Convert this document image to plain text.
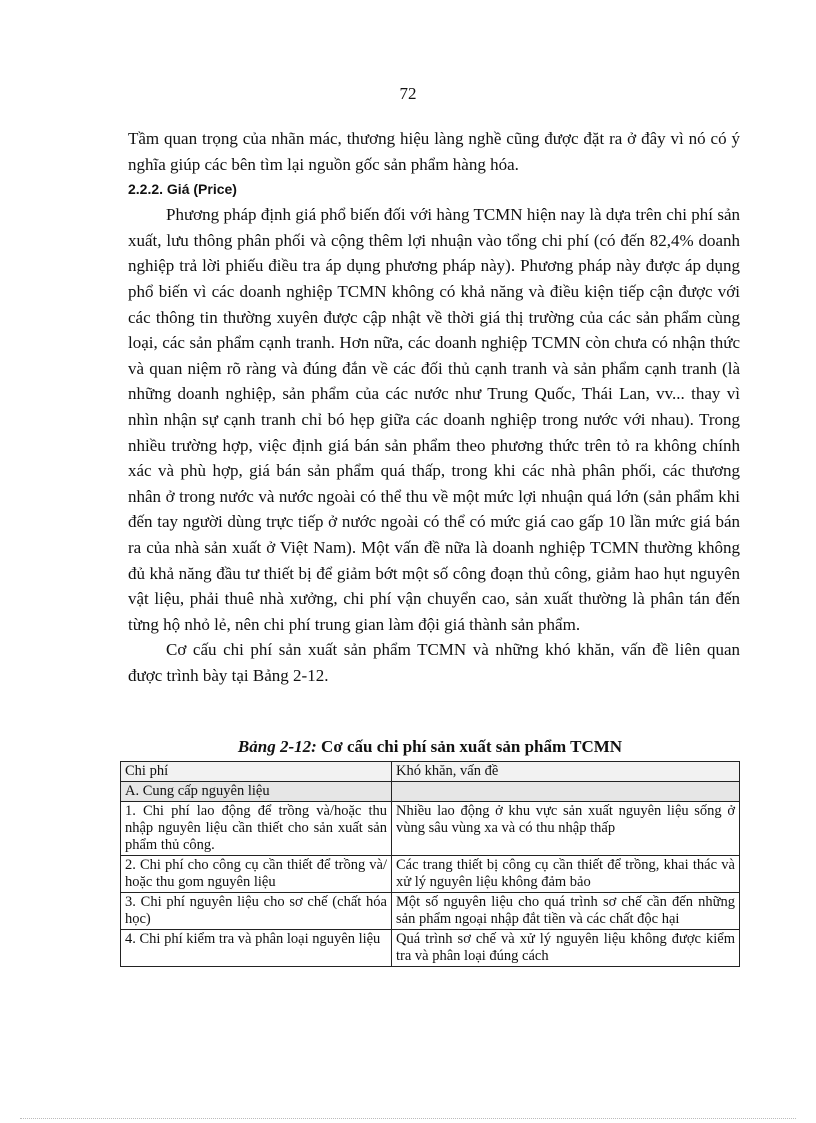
72

Tầm quan trọng của nhãn mác, thương hiệu làng nghề cũng được đặt ra ở đây vì nó có ý nghĩa giúp các bên tìm lại nguồn gốc sản phẩm hàng hóa.

2.2.2. Giá (Price)

Phương pháp định giá phổ biến đối với hàng TCMN hiện nay là dựa trên chi phí sản xuất, lưu thông phân phối và cộng thêm lợi nhuận vào tổng chi phí (có đến 82,4% doanh nghiệp trả lời phiếu điều tra áp dụng phương pháp này). Phương pháp này được áp dụng phổ biến vì các doanh nghiệp TCMN không có khả năng và điều kiện tiếp cận được với các thông tin thường xuyên được cập nhật về thời giá thị trường của các sản phẩm cùng loại, các sản phẩm cạnh tranh. Hơn nữa, các doanh nghiệp TCMN còn chưa có nhận thức và quan niệm rõ ràng và đúng đắn về các đối thủ cạnh tranh và sản phẩm cạnh tranh (là những doanh nghiệp, sản phẩm của các nước như Trung Quốc, Thái Lan, vv... thay vì nhìn nhận sự cạnh tranh chỉ bó hẹp giữa các doanh nghiệp trong nước với nhau). Trong nhiều trường hợp, việc định giá bán sản phẩm theo phương thức trên tỏ ra không chính xác và phù hợp, giá bán sản phẩm quá thấp, trong khi các nhà phân phối, các thương nhân ở trong nước và nước ngoài có thể thu về một mức lợi nhuận quá lớn (sản phẩm khi đến tay người dùng trực tiếp ở nước ngoài có thể có mức giá cao gấp 10 lần mức giá bán ra của nhà sản xuất ở Việt Nam). Một vấn đề nữa là doanh nghiệp TCMN thường không đủ khả năng đầu tư thiết bị để giảm bớt một số công đoạn thủ công, giảm hao hụt nguyên vật liệu, phải thuê nhà xưởng, chi phí vận chuyển cao, sản xuất thường là phân tán đến từng hộ nhỏ lẻ, nên chi phí trung gian làm đội giá thành sản phẩm.

Cơ cấu chi phí sản xuất sản phẩm TCMN và những khó khăn, vấn đề liên quan được trình bày tại Bảng 2-12.

Bảng 2-12: Cơ cấu chi phí sản xuất sản phẩm TCMN
Chi phí	Khó khăn, vấn đề
A. Cung cấp nguyên liệu	
1. Chi phí lao động để trồng và/hoặc thu nhập nguyên liệu cần thiết cho sản xuất sản phẩm thủ công.	Nhiều lao động ở khu vực sản xuất nguyên liệu sống ở vùng sâu vùng xa và có thu nhập thấp
2. Chi phí cho công cụ cần thiết để trồng và/ hoặc thu gom nguyên liệu	Các trang thiết bị công cụ cần thiết để trồng, khai thác và xử lý nguyên liệu không đảm bảo
3. Chi phí nguyên liệu cho sơ chế (chất hóa học)	Một số nguyên liệu cho quá trình sơ chế cần đến những sản phẩm ngoại nhập đắt tiền và các chất độc hại
4. Chi phí kiểm tra và phân loại nguyên liệu	Quá trình sơ chế và xử lý nguyên liệu không được kiểm tra và phân loại đúng cách
